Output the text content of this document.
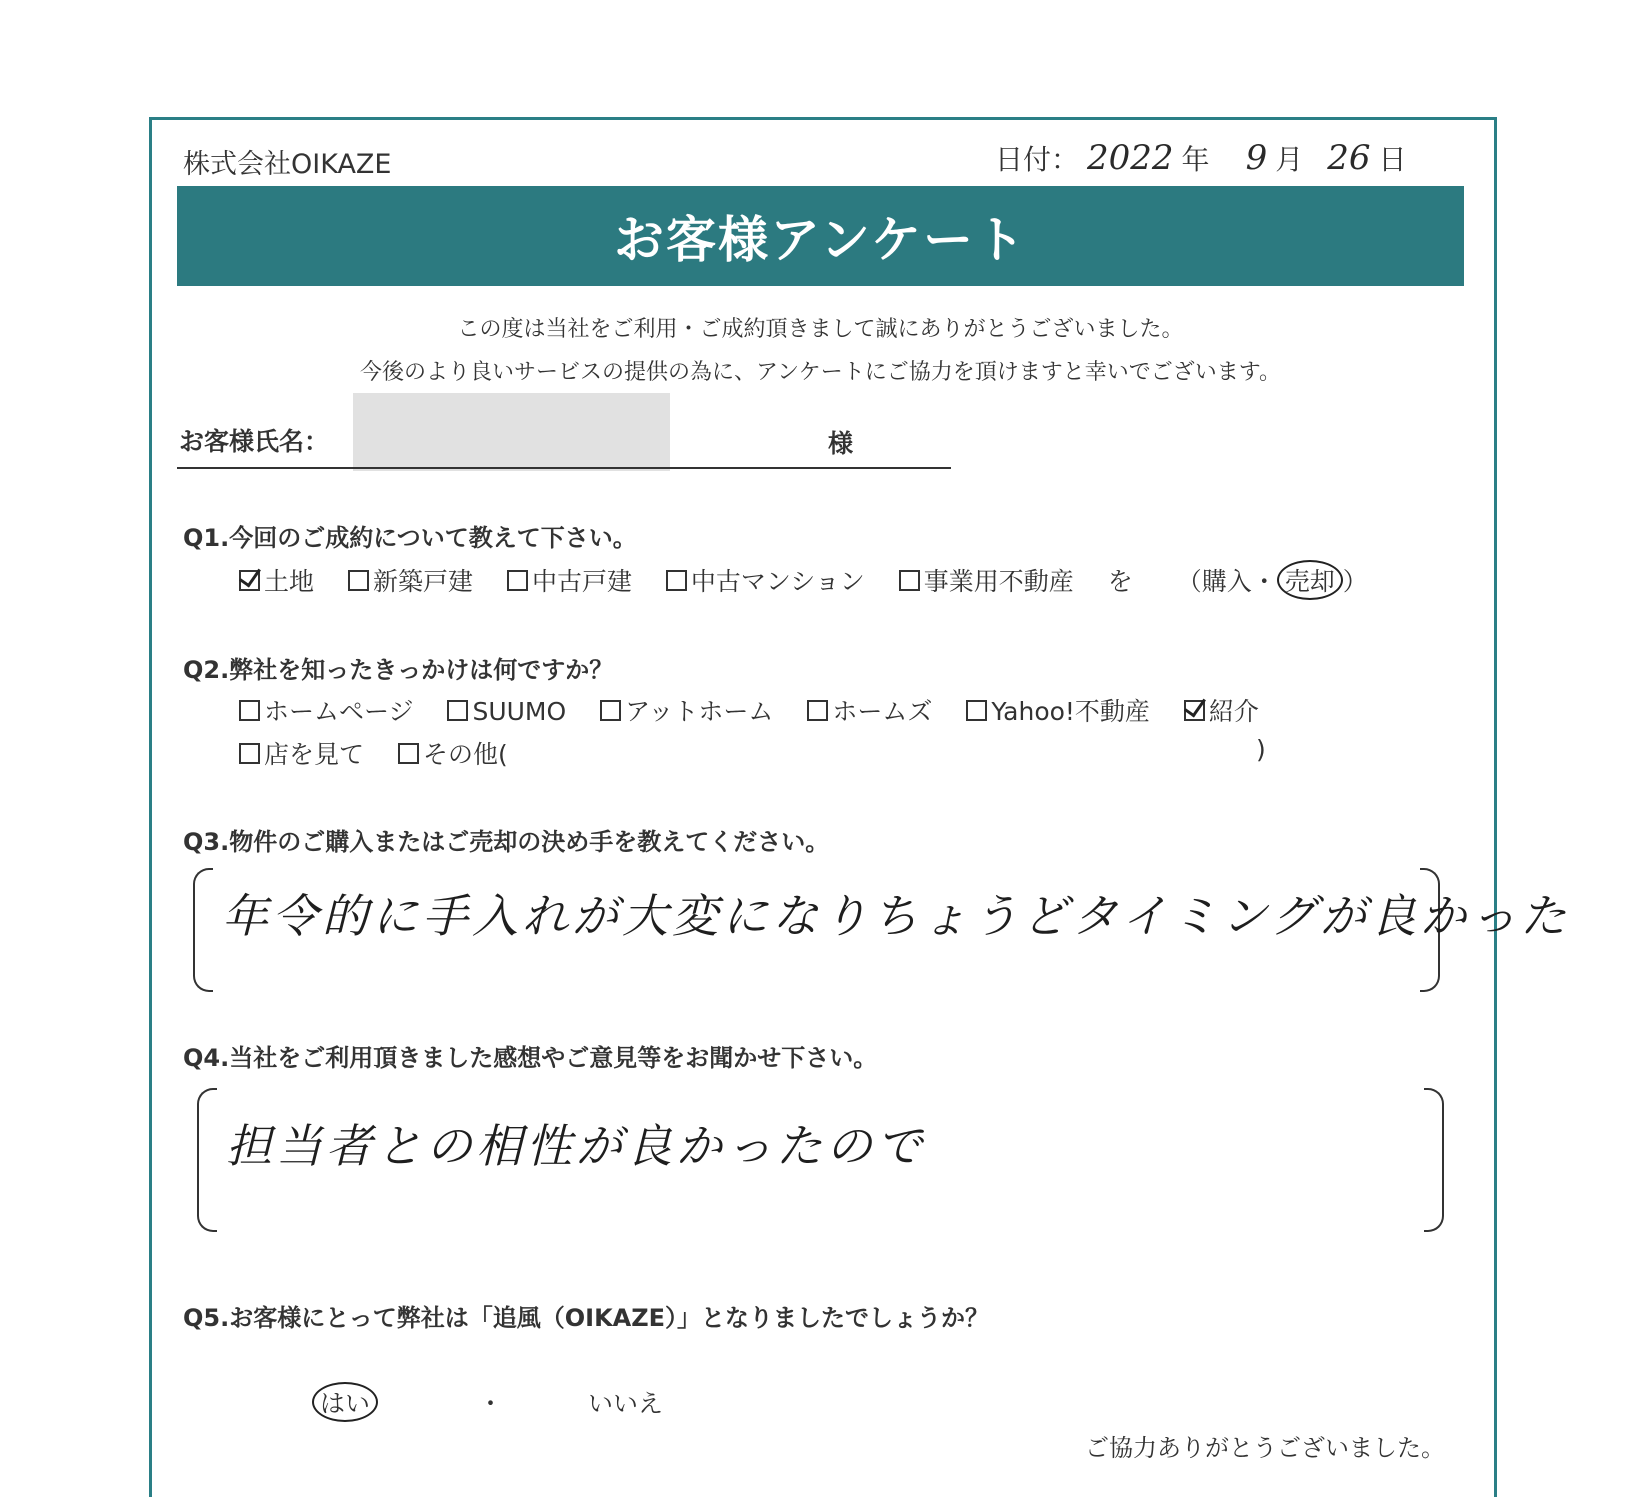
株式会社OIKAZE	日付： 2022 年 9 月 26 日
お客様アンケート
この度は当社をご利用・ご成約頂きまして誠にありがとうございました。
今後のより良いサービスの提供の為に、アンケートにご協力を頂けますと幸いでございます。
お客様氏名：	様
Q1.今回のご成約について教えて下さい。
土地 新築戸建 中古戸建 中古マンション 事業用不動産 を （購入・ 売却 ）
Q2.弊社を知ったきっかけは何ですか？
ホームページ SUUMO アットホーム ホームズ Yahoo!不動産 紹介
店を見て その他(	)
Q3.物件のご購入またはご売却の決め手を教えてください。
年令的に手入れが大変になりちょうどタイミングが良かった
Q4.当社をご利用頂きました感想やご意見等をお聞かせ下さい。
担当者との相性が良かったので
Q5.お客様にとって弊社は「追風（OIKAZE）」となりましたでしょうか？
はい	・	いいえ
ご協力ありがとうございました。
